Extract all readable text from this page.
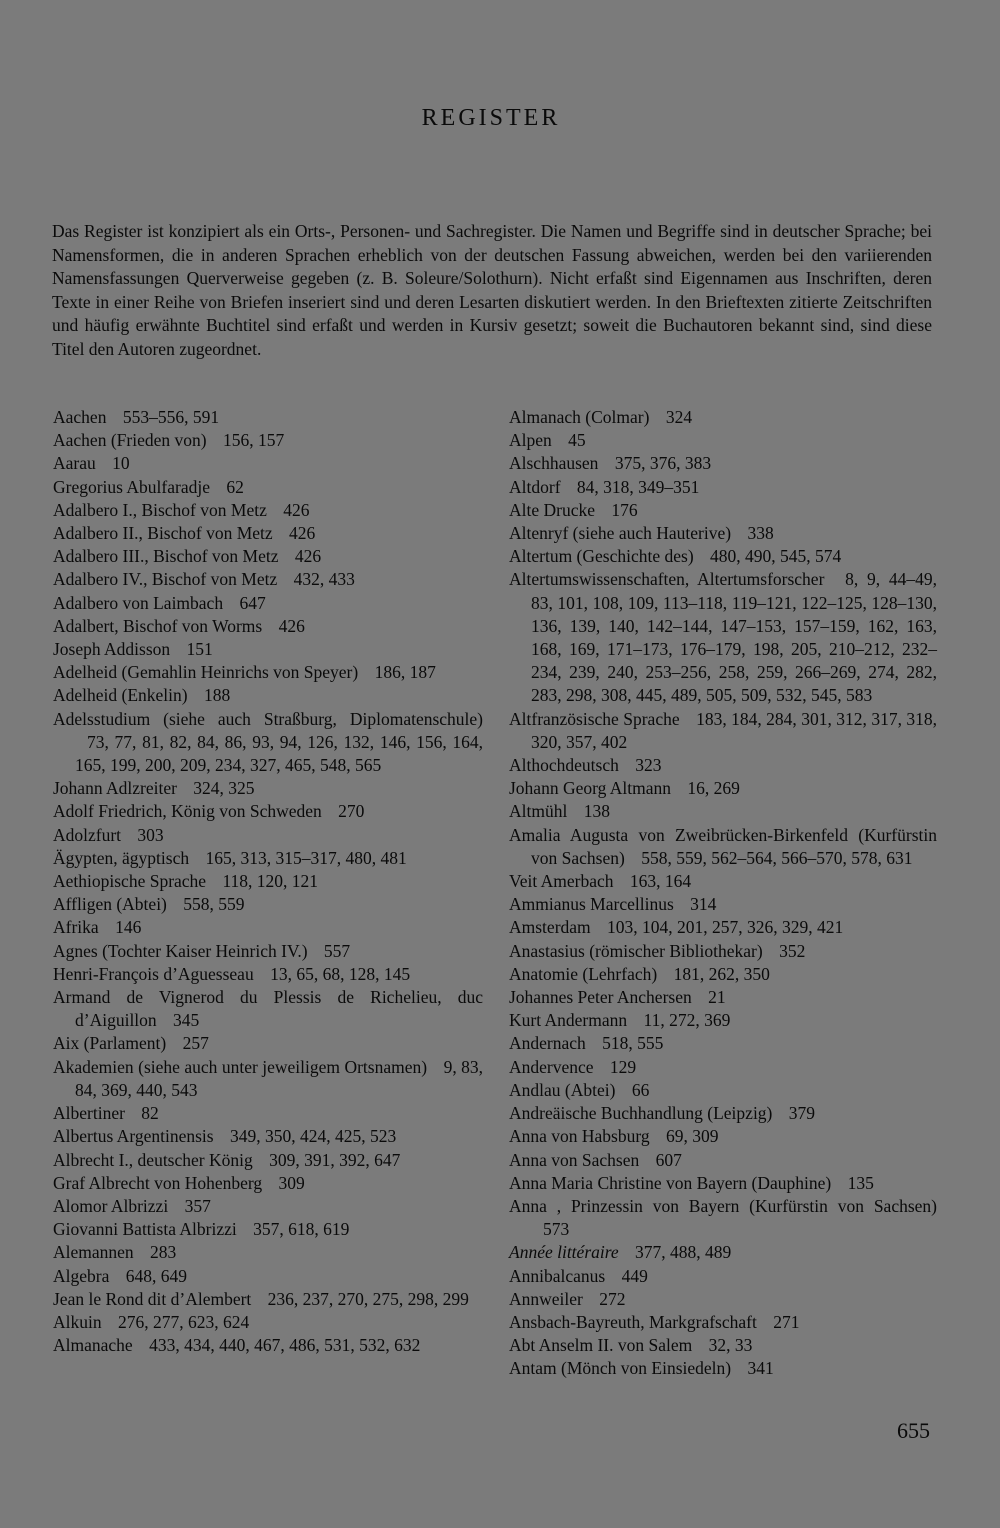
REGISTER
Das Register ist konzipiert als ein Orts-, Personen- und Sachregister. Die Namen und Begriffe sind in deutscher Sprache; bei Namensformen, die in anderen Sprachen erheblich von der deutschen Fassung abweichen, werden bei den variierenden Namensfassungen Querverweise gegeben (z. B. Soleure/Solothurn). Nicht erfaßt sind Eigennamen aus Inschriften, deren Texte in einer Reihe von Briefen inseriert sind und deren Lesarten diskutiert werden. In den Brieftexten zitierte Zeitschriften und häufig erwähnte Buchtitel sind erfaßt und werden in Kursiv gesetzt; soweit die Buchautoren bekannt sind, sind diese Titel den Autoren zugeordnet.
Aachen 553–556, 591
Aachen (Frieden von) 156, 157
Aarau 10
Gregorius Abulfaradje 62
Adalbero I., Bischof von Metz 426
Adalbero II., Bischof von Metz 426
Adalbero III., Bischof von Metz 426
Adalbero IV., Bischof von Metz 432, 433
Adalbero von Laimbach 647
Adalbert, Bischof von Worms 426
Joseph Addisson 151
Adelheid (Gemahlin Heinrichs von Speyer) 186, 187
Adelheid (Enkelin) 188
Adelsstudium (siehe auch Straßburg, Diplomatenschule) 73, 77, 81, 82, 84, 86, 93, 94, 126, 132, 146, 156, 164, 165, 199, 200, 209, 234, 327, 465, 548, 565
Johann Adlzreiter 324, 325
Adolf Friedrich, König von Schweden 270
Adolzfurt 303
Ägypten, ägyptisch 165, 313, 315–317, 480, 481
Aethiopische Sprache 118, 120, 121
Affligen (Abtei) 558, 559
Afrika 146
Agnes (Tochter Kaiser Heinrich IV.) 557
Henri-François d’Aguesseau 13, 65, 68, 128, 145
Armand de Vignerod du Plessis de Richelieu, duc d’Aiguillon 345
Aix (Parlament) 257
Akademien (siehe auch unter jeweiligem Ortsnamen) 9, 83, 84, 369, 440, 543
Albertiner 82
Albertus Argentinensis 349, 350, 424, 425, 523
Albrecht I., deutscher König 309, 391, 392, 647
Graf Albrecht von Hohenberg 309
Alomor Albrizzi 357
Giovanni Battista Albrizzi 357, 618, 619
Alemannen 283
Algebra 648, 649
Jean le Rond dit d’Alembert 236, 237, 270, 275, 298, 299
Alkuin 276, 277, 623, 624
Almanache 433, 434, 440, 467, 486, 531, 532, 632
Almanach (Colmar) 324
Alpen 45
Alschhausen 375, 376, 383
Altdorf 84, 318, 349–351
Alte Drucke 176
Altenryf (siehe auch Hauterive) 338
Altertum (Geschichte des) 480, 490, 545, 574
Altertumswissenschaften, Altertumsforscher 8, 9, 44–49, 83, 101, 108, 109, 113–118, 119–121, 122–125, 128–130, 136, 139, 140, 142–144, 147–153, 157–159, 162, 163, 168, 169, 171–173, 176–179, 198, 205, 210–212, 232–234, 239, 240, 253–256, 258, 259, 266–269, 274, 282, 283, 298, 308, 445, 489, 505, 509, 532, 545, 583
Altfranzösische Sprache 183, 184, 284, 301, 312, 317, 318, 320, 357, 402
Althochdeutsch 323
Johann Georg Altmann 16, 269
Altmühl 138
Amalia Augusta von Zweibrücken-Birkenfeld (Kurfürstin von Sachsen) 558, 559, 562–564, 566–570, 578, 631
Veit Amerbach 163, 164
Ammianus Marcellinus 314
Amsterdam 103, 104, 201, 257, 326, 329, 421
Anastasius (römischer Bibliothekar) 352
Anatomie (Lehrfach) 181, 262, 350
Johannes Peter Anchersen 21
Kurt Andermann 11, 272, 369
Andernach 518, 555
Andervence 129
Andlau (Abtei) 66
Andreäische Buchhandlung (Leipzig) 379
Anna von Habsburg 69, 309
Anna von Sachsen 607
Anna Maria Christine von Bayern (Dauphine) 135
Anna , Prinzessin von Bayern (Kurfürstin von Sachsen) 573
Année littéraire 377, 488, 489
Annibalcanus 449
Annweiler 272
Ansbach-Bayreuth, Markgrafschaft 271
Abt Anselm II. von Salem 32, 33
Antam (Mönch von Einsiedeln) 341
655
